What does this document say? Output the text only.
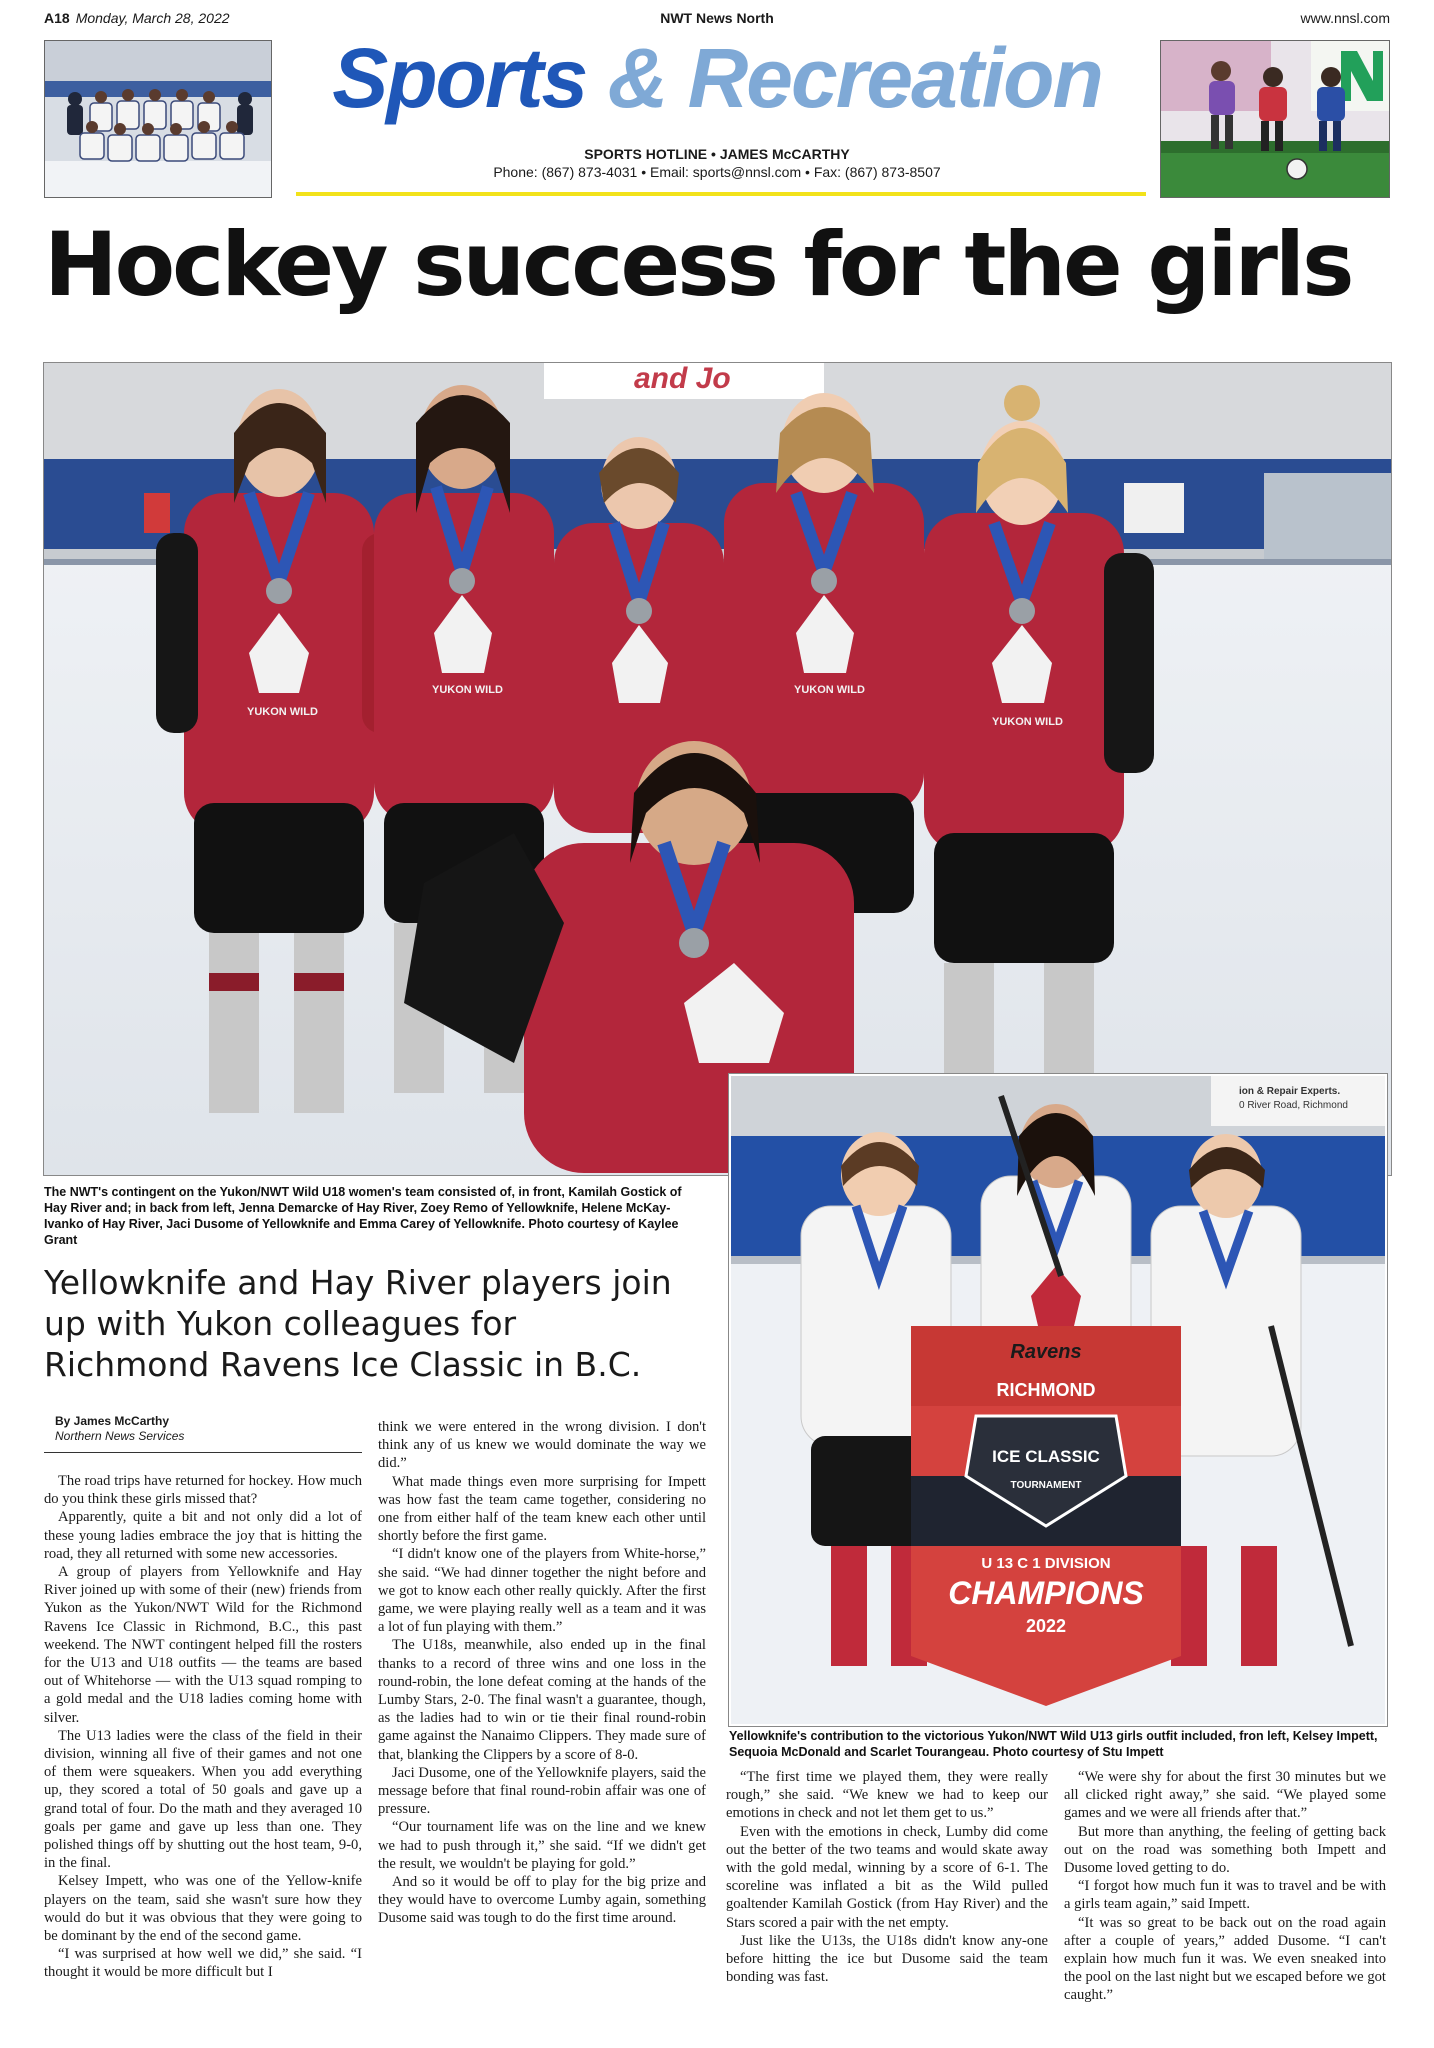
A18 Monday, March 28, 2022	NWT News North	www.nnsl.com
Sports & Recreation
SPORTS HOTLINE • JAMES McCARTHY
Phone: (867) 873-4031 • Email: sports@nnsl.com • Fax: (867) 873-8507
Hockey success for the girls
and Jo
YUKON WILD
YUKON WILD	YUKON WILD
YUKON WILD
The NWT's contingent on the Yukon/NWT Wild U18 women's team consisted of, in front, Kamilah Gostick of Hay River and; in back from left, Jenna Demarcke of Hay River, Zoey Remo of Yellowknife, Helene McKay-Ivanko of Hay River, Jaci Dusome of Yellowknife and Emma Carey of Yellowknife. Photo courtesy of Kaylee Grant
Yellowknife and Hay River players join up with Yukon colleagues for Richmond Ravens Ice Classic in B.C.
By James McCarthy
Northern News Services
ion & Repair Experts.
0 River Road, Richmond
Ravens
RICHMOND
ICE CLASSIC
TOURNAMENT
U 13 C 1 DIVISION
CHAMPIONS
2022
Yellowknife's contribution to the victorious Yukon/NWT Wild U13 girls outfit included, fron left, Kelsey Impett, Sequoia McDonald and Scarlet Tourangeau. Photo courtesy of Stu Impett

The road trips have returned for hockey. How much do you think these girls missed that?

Apparently, quite a bit and not only did a lot of these young ladies embrace the joy that is hitting the road, they all returned with some new accessories.

A group of players from Yellowknife and Hay River joined up with some of their (new) friends from Yukon as the Yukon/NWT Wild for the Richmond Ravens Ice Classic in Richmond, B.C., this past weekend. The NWT contingent helped fill the rosters for the U13 and U18 outfits — the teams are based out of Whitehorse — with the U13 squad romping to a gold medal and the U18 ladies coming home with silver.

The U13 ladies were the class of the field in their division, winning all five of their games and not one of them were squeakers. When you add everything up, they scored a total of 50 goals and gave up a grand total of four. Do the math and they averaged 10 goals per game and gave up less than one. They polished things off by shutting out the host team, 9-0, in the final.

Kelsey Impett, who was one of the Yellow-knife players on the team, said she wasn't sure how they would do but it was obvious that they were going to be dominant by the end of the second game.

“I was surprised at how well we did,” she said. “I thought it would be more difficult but I

think we were entered in the wrong division. I don't think any of us knew we would dominate the way we did.”

What made things even more surprising for Impett was how fast the team came together, considering no one from either half of the team knew each other until shortly before the first game.

“I didn't know one of the players from White-horse,” she said. “We had dinner together the night before and we got to know each other really quickly. After the first game, we were playing really well as a team and it was a lot of fun playing with them.”

The U18s, meanwhile, also ended up in the final thanks to a record of three wins and one loss in the round-robin, the lone defeat coming at the hands of the Lumby Stars, 2-0. The final wasn't a guarantee, though, as the ladies had to win or tie their final round-robin game against the Nanaimo Clippers. They made sure of that, blanking the Clippers by a score of 8-0.

Jaci Dusome, one of the Yellowknife players, said the message before that final round-robin affair was one of pressure.

“Our tournament life was on the line and we knew we had to push through it,” she said. “If we didn't get the result, we wouldn't be playing for gold.”

And so it would be off to play for the big prize and they would have to overcome Lumby again, something Dusome said was tough to do the first time around.

“The first time we played them, they were really rough,” she said. “We knew we had to keep our emotions in check and not let them get to us.”

Even with the emotions in check, Lumby did come out the better of the two teams and would skate away with the gold medal, winning by a score of 6-1. The scoreline was inflated a bit as the Wild pulled goaltender Kamilah Gostick (from Hay River) and the Stars scored a pair with the net empty.

Just like the U13s, the U18s didn't know any-one before hitting the ice but Dusome said the team bonding was fast.

“We were shy for about the first 30 minutes but we all clicked right away,” she said. “We played some games and we were all friends after that.”

But more than anything, the feeling of getting back out on the road was something both Impett and Dusome loved getting to do.

“I forgot how much fun it was to travel and be with a girls team again,” said Impett.

“It was so great to be back out on the road again after a couple of years,” added Dusome. “I can't explain how much fun it was. We even sneaked into the pool on the last night but we escaped before we got caught.”
